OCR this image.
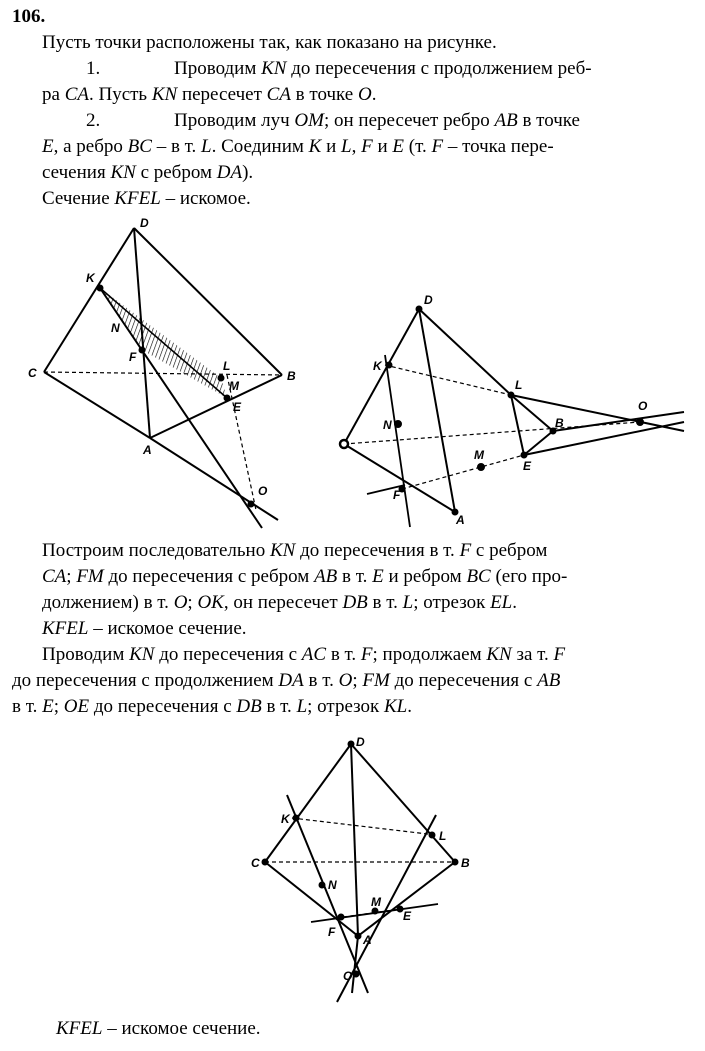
106.
Пусть точки расположены так, как показано на рисунке.
1.	Проводим KN до пересечения с продолжением реб-
ра CA. Пусть KN пересечет CA в точке O.
2.	Проводим луч OM; он пересечет ребро AB в точке
E, а ребро BC – в т. L. Соединим K и L, F и E (т. F – точка пере-
сечения KN с ребром DA).
Сечение KFEL – искомое.
D
K
N
F
C	L
M
B
E
A
O
D
K
L
N	B
O
M
E
F
A
D
K
L
C	B
N
M
F
E
A
O
Построим последовательно KN до пересечения в т. F с ребром
CA; FM до пересечения с ребром AB в т. E и ребром BC (его про-
должением) в т. O; OK, он пересечет DB в т. L; отрезок EL.
KFEL – искомое сечение.
Проводим KN до пересечения с AC в т. F; продолжаем KN за т. F
до пересечения с продолжением DA в т. O; FM до пересечения с AB
в т. E; OE до пересечения с DB в т. L; отрезок KL.
KFEL – искомое сечение.
